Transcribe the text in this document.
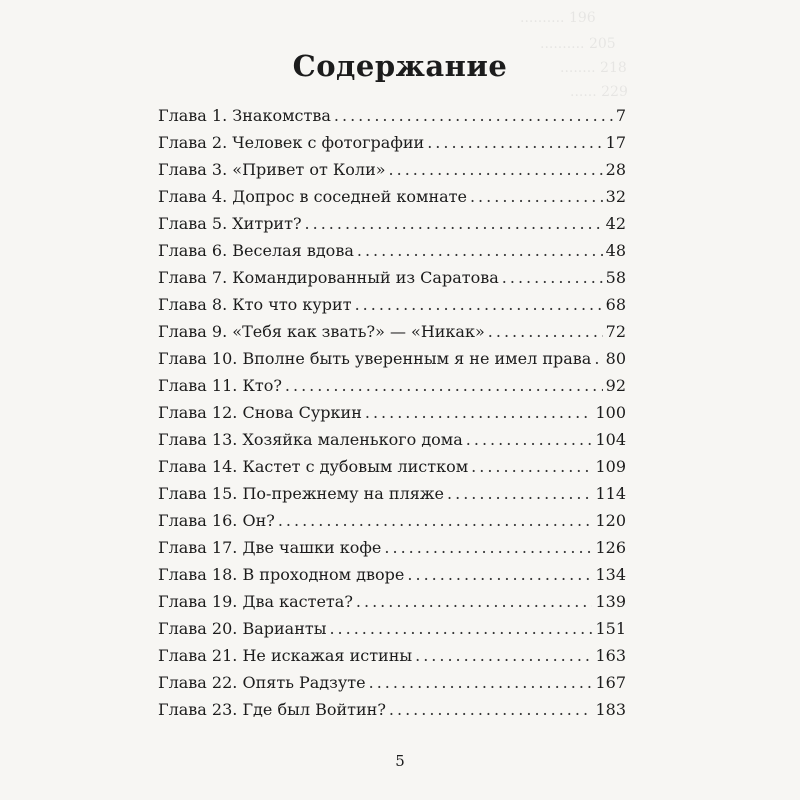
.......... 196
.......... 205
........ 218
...... 229
Содержание
Глава 1. Знакомства .....	7
Глава 2. Человек с фотографии .....	17
Глава 3. «Привет от Коли» .....	28
Глава 4. Допрос в соседней комнате .....	32
Глава 5. Хитрит? .....	42
Глава 6. Веселая вдова .....	48
Глава 7. Командированный из Саратова .....	58
Глава 8. Кто что курит .....	68
Глава 9. «Тебя как звать?» — «Никак» .....	72
Глава 10. Вполне быть уверенным я не имел права ..... 80
Глава 11. Кто? .....	92
Глава 12. Снова Суркин .....	100
Глава 13. Хозяйка маленького дома .....	104
Глава 14. Кастет с дубовым листком .....	109
Глава 15. По-прежнему на пляже .....	114
Глава 16. Он? .....	120
Глава 17. Две чашки кофе .....	126
Глава 18. В проходном дворе .....	134
Глава 19. Два кастета? .....	139
Глава 20. Варианты .....	151
Глава 21. Не искажая истины .....	163
Глава 22. Опять Радзуте .....	167
Глава 23. Где был Войтин? .....	183
5
